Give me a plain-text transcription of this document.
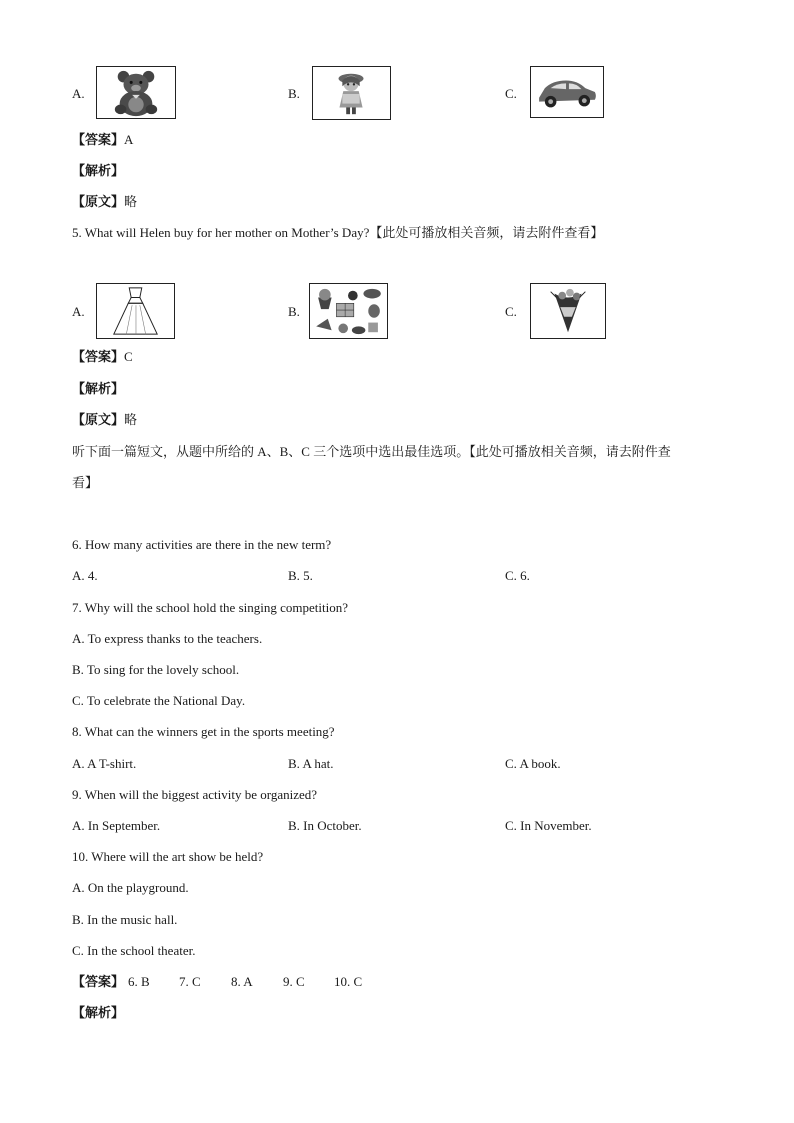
A.	B.	C.
【答案】A
【解析】
【原文】略
5. What will Helen buy for her mother on Mother’s Day?【此处可播放相关音频，请去附件查看】
A.	B.	C.
【答案】C
【解析】
【原文】略
听下面一篇短文，从题中所给的 A、B、C 三个选项中选出最佳选项。【此处可播放相关音频，请去附件查
看】
6. How many activities are there in the new term?
A. 4.	B. 5.	C. 6.
7. Why will the school hold the singing competition?
A. To express thanks to the teachers.
B. To sing for the lovely school.
C. To celebrate the National Day.
8. What can the winners get in the sports meeting?
A. A T-shirt.	B. A hat.	C. A book.
9. When will the biggest activity be organized?
A. In September.	B. In October.	C. In November.
10. Where will the art show be held?
A. On the playground.
B. In the music hall.
C. In the school theater.
【答案】 6. B 7. C 8. A 9. C 10. C
【解析】
